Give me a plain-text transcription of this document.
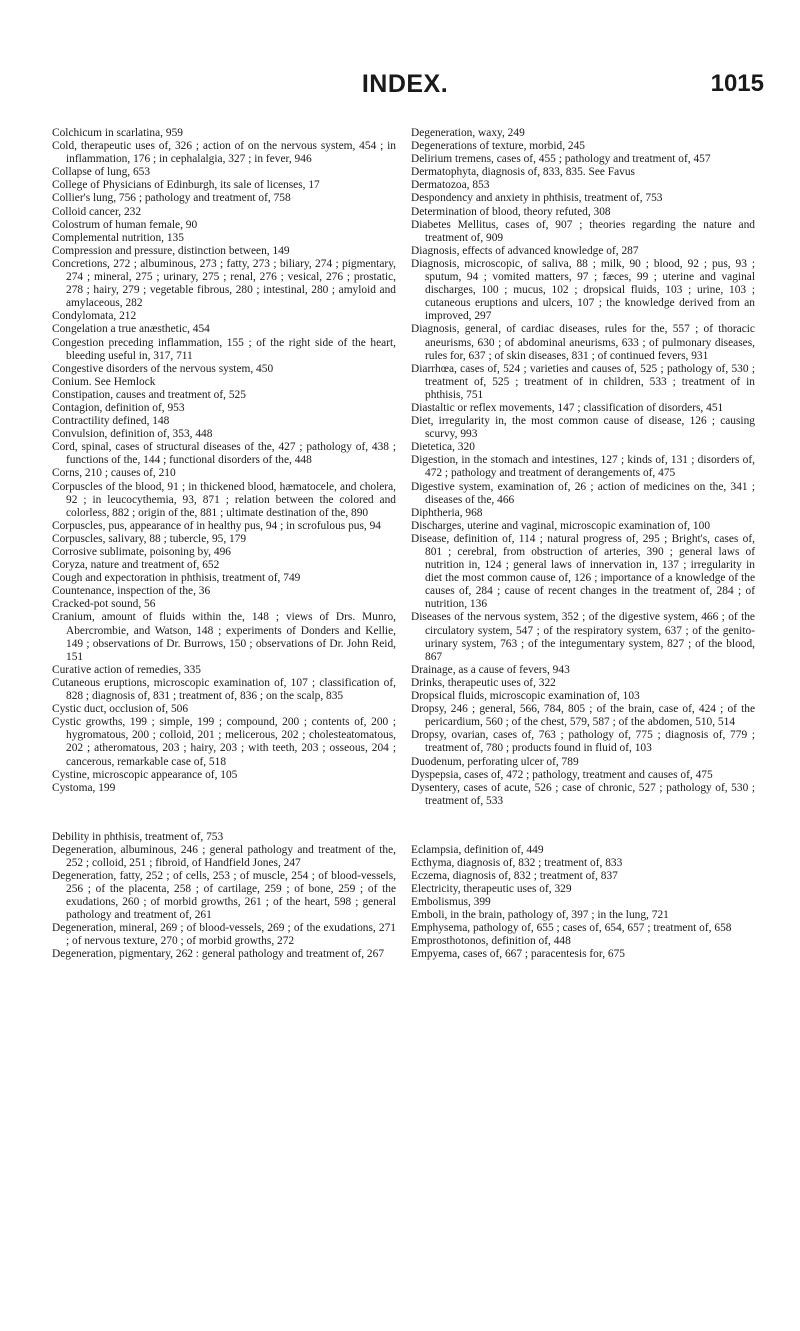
INDEX.	1015

Colchicum in scarlatina, 959

Cold, therapeutic uses of, 326 ; action of on the nervous system, 454 ; in inflammation, 176 ; in cephalalgia, 327 ; in fever, 946

Collapse of lung, 653

College of Physicians of Edinburgh, its sale of licenses, 17

Collier's lung, 756 ; pathology and treatment of, 758

Colloid cancer, 232

Colostrum of human female, 90

Complemental nutrition, 135

Compression and pressure, distinction between, 149

Concretions, 272 ; albuminous, 273 ; fatty, 273 ; biliary, 274 ; pigmentary, 274 ; mineral, 275 ; urinary, 275 ; renal, 276 ; vesical, 276 ; prostatic, 278 ; hairy, 279 ; vegetable fibrous, 280 ; intestinal, 280 ; amyloid and amylaceous, 282

Condylomata, 212

Congelation a true anæsthetic, 454

Congestion preceding inflammation, 155 ; of the right side of the heart, bleeding useful in, 317, 711

Congestive disorders of the nervous system, 450

Conium. See Hemlock

Constipation, causes and treatment of, 525

Contagion, definition of, 953

Contractility defined, 148

Convulsion, definition of, 353, 448

Cord, spinal, cases of structural diseases of the, 427 ; pathology of, 438 ; functions of the, 144 ; functional disorders of the, 448

Corns, 210 ; causes of, 210

Corpuscles of the blood, 91 ; in thickened blood, hæmatocele, and cholera, 92 ; in leucocythemia, 93, 871 ; relation between the colored and colorless, 882 ; origin of the, 881 ; ultimate destination of the, 890

Corpuscles, pus, appearance of in healthy pus, 94 ; in scrofulous pus, 94

Corpuscles, salivary, 88 ; tubercle, 95, 179

Corrosive sublimate, poisoning by, 496

Coryza, nature and treatment of, 652

Cough and expectoration in phthisis, treatment of, 749

Countenance, inspection of the, 36

Cracked-pot sound, 56

Cranium, amount of fluids within the, 148 ; views of Drs. Munro, Abercrombie, and Watson, 148 ; experiments of Donders and Kellie, 149 ; observations of Dr. Burrows, 150 ; observations of Dr. John Reid, 151

Curative action of remedies, 335

Cutaneous eruptions, microscopic examination of, 107 ; classification of, 828 ; diagnosis of, 831 ; treatment of, 836 ; on the scalp, 835

Cystic duct, occlusion of, 506

Cystic growths, 199 ; simple, 199 ; compound, 200 ; contents of, 200 ; hygromatous, 200 ; colloid, 201 ; melicerous, 202 ; cholesteatomatous, 202 ; atheromatous, 203 ; hairy, 203 ; with teeth, 203 ; osseous, 204 ; cancerous, remarkable case of, 518

Cystine, microscopic appearance of, 105

Cystoma, 199

Debility in phthisis, treatment of, 753

Degeneration, albuminous, 246 ; general pathology and treatment of the, 252 ; colloid, 251 ; fibroid, of Handfield Jones, 247

Degeneration, fatty, 252 ; of cells, 253 ; of muscle, 254 ; of blood-vessels, 256 ; of the placenta, 258 ; of cartilage, 259 ; of bone, 259 ; of the exudations, 260 ; of morbid growths, 261 ; of the heart, 598 ; general pathology and treatment of, 261

Degeneration, mineral, 269 ; of blood-vessels, 269 ; of the exudations, 271 ; of nervous texture, 270 ; of morbid growths, 272

Degeneration, pigmentary, 262 : general pathology and treatment of, 267

Degeneration, waxy, 249

Degenerations of texture, morbid, 245

Delirium tremens, cases of, 455 ; pathology and treatment of, 457

Dermatophyta, diagnosis of, 833, 835. See Favus

Dermatozoa, 853

Despondency and anxiety in phthisis, treatment of, 753

Determination of blood, theory refuted, 308

Diabetes Mellitus, cases of, 907 ; theories regarding the nature and treatment of, 909

Diagnosis, effects of advanced knowledge of, 287

Diagnosis, microscopic, of saliva, 88 ; milk, 90 ; blood, 92 ; pus, 93 ; sputum, 94 ; vomited matters, 97 ; fæces, 99 ; uterine and vaginal discharges, 100 ; mucus, 102 ; dropsical fluids, 103 ; urine, 103 ; cutaneous eruptions and ulcers, 107 ; the knowledge derived from an improved, 297

Diagnosis, general, of cardiac diseases, rules for the, 557 ; of thoracic aneurisms, 630 ; of abdominal aneurisms, 633 ; of pulmonary diseases, rules for, 637 ; of skin diseases, 831 ; of continued fevers, 931

Diarrhœa, cases of, 524 ; varieties and causes of, 525 ; pathology of, 530 ; treatment of, 525 ; treatment of in children, 533 ; treatment of in phthisis, 751

Diastaltic or reflex movements, 147 ; classification of disorders, 451

Diet, irregularity in, the most common cause of disease, 126 ; causing scurvy, 993

Dietetica, 320

Digestion, in the stomach and intestines, 127 ; kinds of, 131 ; disorders of, 472 ; pathology and treatment of derangements of, 475

Digestive system, examination of, 26 ; action of medicines on the, 341 ; diseases of the, 466

Diphtheria, 968

Discharges, uterine and vaginal, microscopic examination of, 100

Disease, definition of, 114 ; natural progress of, 295 ; Bright's, cases of, 801 ; cerebral, from obstruction of arteries, 390 ; general laws of nutrition in, 124 ; general laws of innervation in, 137 ; irregularity in diet the most common cause of, 126 ; importance of a knowledge of the causes of, 284 ; cause of recent changes in the treatment of, 284 ; of nutrition, 136

Diseases of the nervous system, 352 ; of the digestive system, 466 ; of the circulatory system, 547 ; of the respiratory system, 637 ; of the genito-urinary system, 763 ; of the integumentary system, 827 ; of the blood, 867

Drainage, as a cause of fevers, 943

Drinks, therapeutic uses of, 322

Dropsical fluids, microscopic examination of, 103

Dropsy, 246 ; general, 566, 784, 805 ; of the brain, case of, 424 ; of the pericardium, 560 ; of the chest, 579, 587 ; of the abdomen, 510, 514

Dropsy, ovarian, cases of, 763 ; pathology of, 775 ; diagnosis of, 779 ; treatment of, 780 ; products found in fluid of, 103

Duodenum, perforating ulcer of, 789

Dyspepsia, cases of, 472 ; pathology, treatment and causes of, 475

Dysentery, cases of acute, 526 ; case of chronic, 527 ; pathology of, 530 ; treatment of, 533

Eclampsia, definition of, 449

Ecthyma, diagnosis of, 832 ; treatment of, 833

Eczema, diagnosis of, 832 ; treatment of, 837

Electricity, therapeutic uses of, 329

Embolismus, 399

Emboli, in the brain, pathology of, 397 ; in the lung, 721

Emphysema, pathology of, 655 ; cases of, 654, 657 ; treatment of, 658

Emprosthotonos, definition of, 448

Empyema, cases of, 667 ; paracentesis for, 675
